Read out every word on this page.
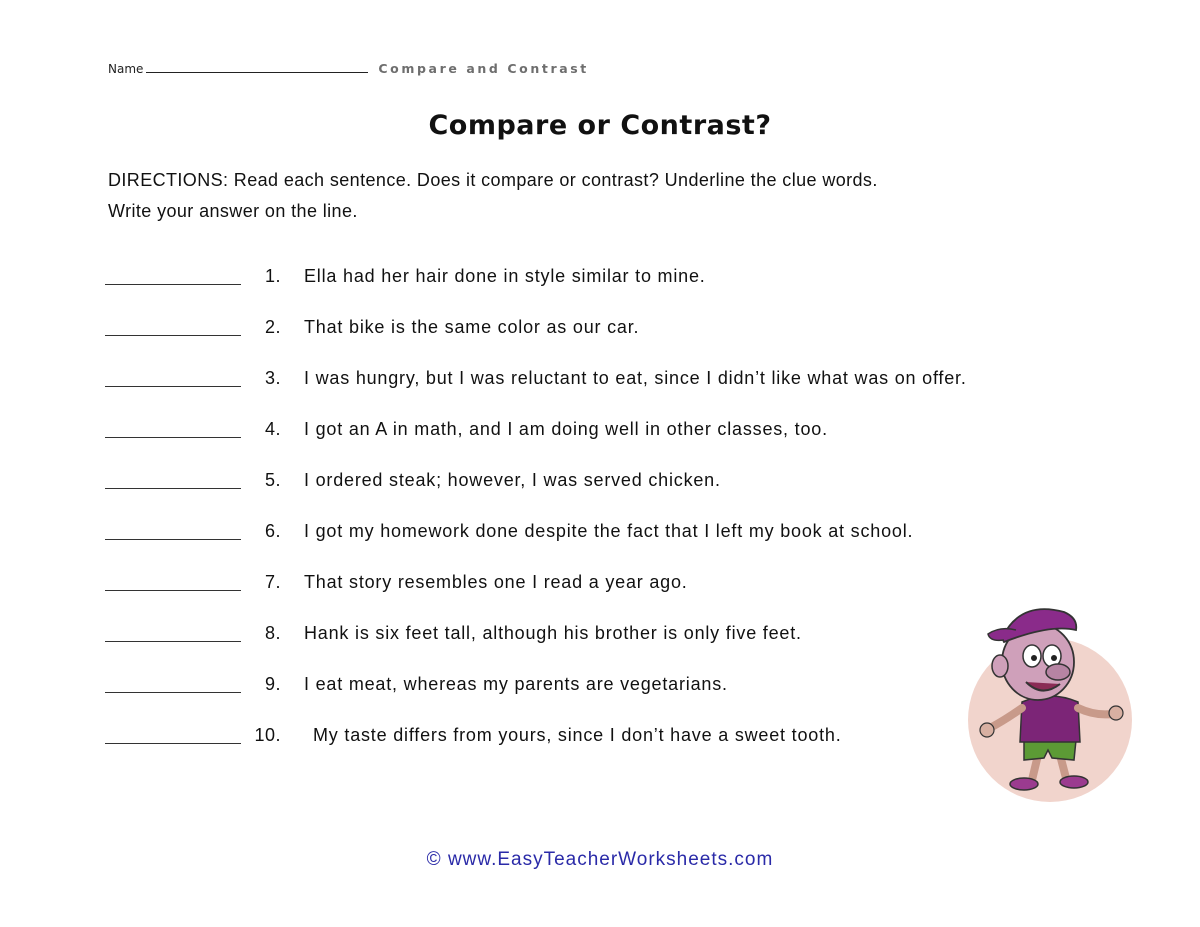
Name	Compare and Contrast
Compare or Contrast?
DIRECTIONS: Read each sentence. Does it compare or contrast? Underline the clue words.
Write your answer on the line.
1. Ella had her hair done in style similar to mine.
2. That bike is the same color as our car.
3. I was hungry, but I was reluctant to eat, since I didn’t like what was on offer.
4. I got an A in math, and I am doing well in other classes, too.
5. I ordered steak; however, I was served chicken.
6. I got my homework done despite the fact that I left my book at school.
7. That story resembles one I read a year ago.
8. Hank is six feet tall, although his brother is only five feet.
9. I eat meat, whereas my parents are vegetarians.
10. My taste differs from yours, since I don’t have a sweet tooth.
© www.EasyTeacherWorksheets.com
